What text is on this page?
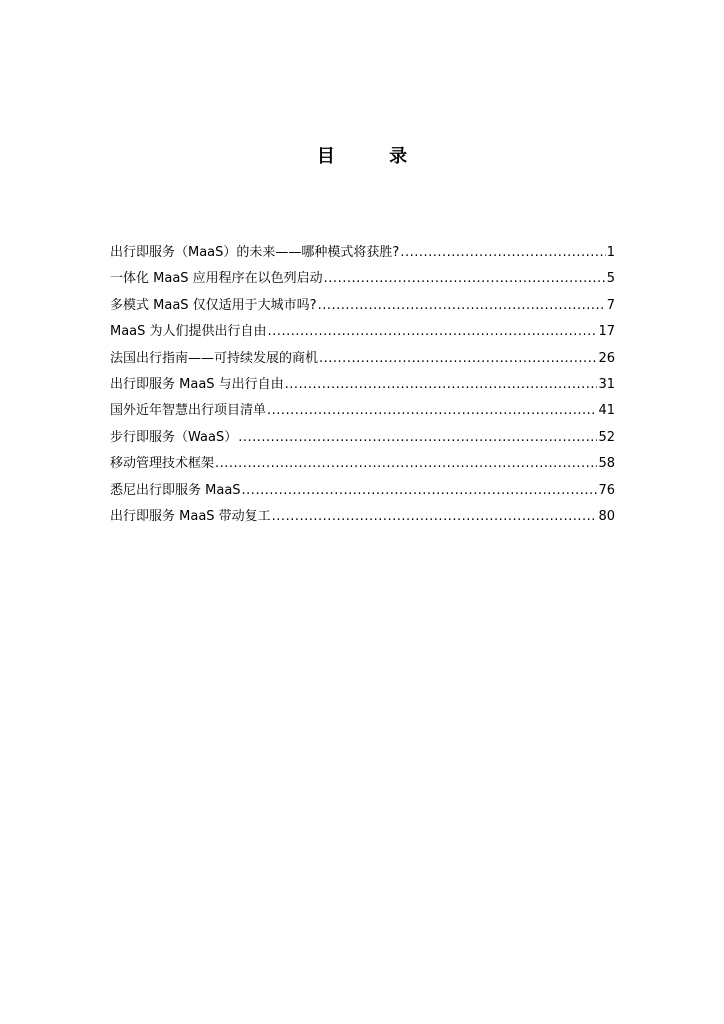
目 录
出行即服务（MaaS）的未来——哪种模式将获胜? .....	1
一体化 MaaS 应用程序在以色列启动 .....	5
多模式 MaaS 仅仅适用于大城市吗? .....	7
MaaS 为人们提供出行自由 .....	17
法国出行指南——可持续发展的商机 .....	26
出行即服务 MaaS 与出行自由 .....	31
国外近年智慧出行项目清单 .....	41
步行即服务（WaaS） .....	52
移动管理技术框架 .....	58
悉尼出行即服务 MaaS .....	76
出行即服务 MaaS 带动复工 .....	80
